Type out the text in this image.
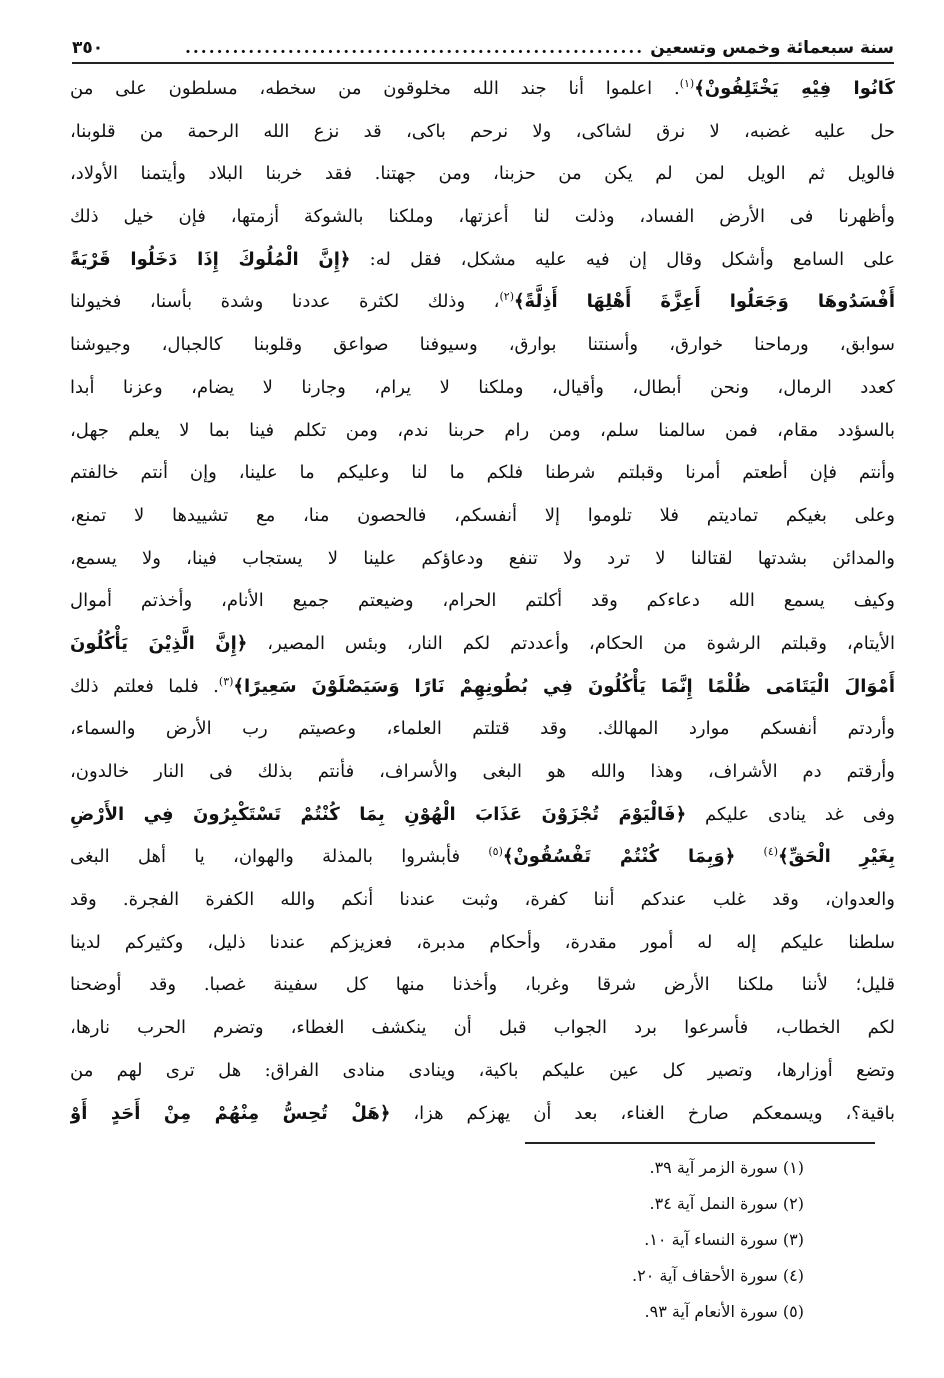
سنة سبعمائة وخمس وتسعين
..........................................................
٣٥٠
كَانُوا فِيْهِ يَخْتَلِفُونْ﴾$^{(١)}$. اعلموا أنا جند الله مخلوقون من سخطه، مسلطون على من
حل عليه غضبه، لا نرق لشاكى، ولا نرحم باكى، قد نزع الله الرحمة من قلوبنا،
فالويل ثم الويل لمن لم يكن من حزبنا، ومن جهتنا. فقد خربنا البلاد وأيتمنا الأولاد،
وأظهرنا فى الأرض الفساد، وذلت لنا أعزتها، وملكنا بالشوكة أزمتها، فإن خيل ذلك
على السامع وأشكل وقال إن فيه عليه مشكل، فقل له: ﴿إِنَّ الْمُلُوكَ إِذَا دَخَلُوا قَرْيَةً
أَفْسَدُوهَا وَجَعَلُوا أَعِزَّةَ أَهْلِهَا أَذِلَّةً﴾$^{(٢)}$، وذلك لكثرة عددنا وشدة بأسنا، فخيولنا
سوابق، ورماحنا خوارق، وأسنتنا بوارق، وسيوفنا صواعق وقلوبنا كالجبال، وجيوشنا
كعدد الرمال، ونحن أبطال، وأقيال، وملكنا لا يرام، وجارنا لا يضام، وعزنا أبدا
بالسؤدد مقام، فمن سالمنا سلم، ومن رام حربنا ندم، ومن تكلم فينا بما لا يعلم جهل،
وأنتم فإن أطعتم أمرنا وقبلتم شرطنا فلكم ما لنا وعليكم ما علينا، وإن أنتم خالفتم
وعلى بغيكم تماديتم فلا تلوموا إلا أنفسكم، فالحصون منا، مع تشييدها لا تمنع،
والمدائن بشدتها لقتالنا لا ترد ولا تنفع ودعاؤكم علينا لا يستجاب فينا، ولا يسمع،
وكيف يسمع الله دعاءكم وقد أكلتم الحرام، وضيعتم جميع الأنام، وأخذتم أموال
الأيتام، وقبلتم الرشوة من الحكام، وأعددتم لكم النار، وبئس المصير، ﴿إِنَّ الَّذِيْنَ يَأْكُلُونَ
أَمْوَالَ الْيَتَامَى ظُلْمًا إِنَّمَا يَأْكُلُونَ فِي بُطُونِهِمْ نَارًا وَسَيَصْلَوْنَ سَعِيرًا﴾$^{(٣)}$. فلما فعلتم ذلك
وأردتم أنفسكم موارد المهالك. وقد قتلتم العلماء، وعصيتم رب الأرض والسماء،
وأرقتم دم الأشراف، وهذا والله هو البغى والأسراف، فأنتم بذلك فى النار خالدون،
وفى غد ينادى عليكم ﴿فَالْيَوْمَ تُجْزَوْنَ عَذَابَ الْهُوْنِ بِمَا كُنْتُمْ تَسْتَكْبِرُونَ فِي الأَرْضِ
بِغَيْرِ الْحَقِّ﴾$^{(٤)}$ ﴿وَبِمَا كُنْتُمْ تَفْسُقُونْ﴾$^{(٥)}$ فأبشروا بالمذلة والهوان، يا أهل البغى
والعدوان، وقد غلب عندكم أننا كفرة، وثبت عندنا أنكم والله الكفرة الفجرة. وقد
سلطنا عليكم إله له أمور مقدرة، وأحكام مدبرة، فعزيزكم عندنا ذليل، وكثيركم لدينا
قليل؛ لأننا ملكنا الأرض شرقا وغربا، وأخذنا منها كل سفينة غصبا. وقد أوضحنا
لكم الخطاب، فأسرعوا برد الجواب قبل أن ينكشف الغطاء، وتضرم الحرب نارها،
وتضع أوزارها، وتصير كل عين عليكم باكية، وينادى منادى الفراق: هل ترى لهم من
باقية؟، ويسمعكم صارخ الغناء، بعد أن يهزكم هزا، ﴿هَلْ تُحِسُّ مِنْهُمْ مِنْ أَحَدٍ أَوْ
(١) سورة الزمر آية ٣٩.
(٢) سورة النمل آية ٣٤.
(٣) سورة النساء آية ١٠.
(٤) سورة الأحقاف آية ٢٠.
(٥) سورة الأنعام آية ٩٣.
